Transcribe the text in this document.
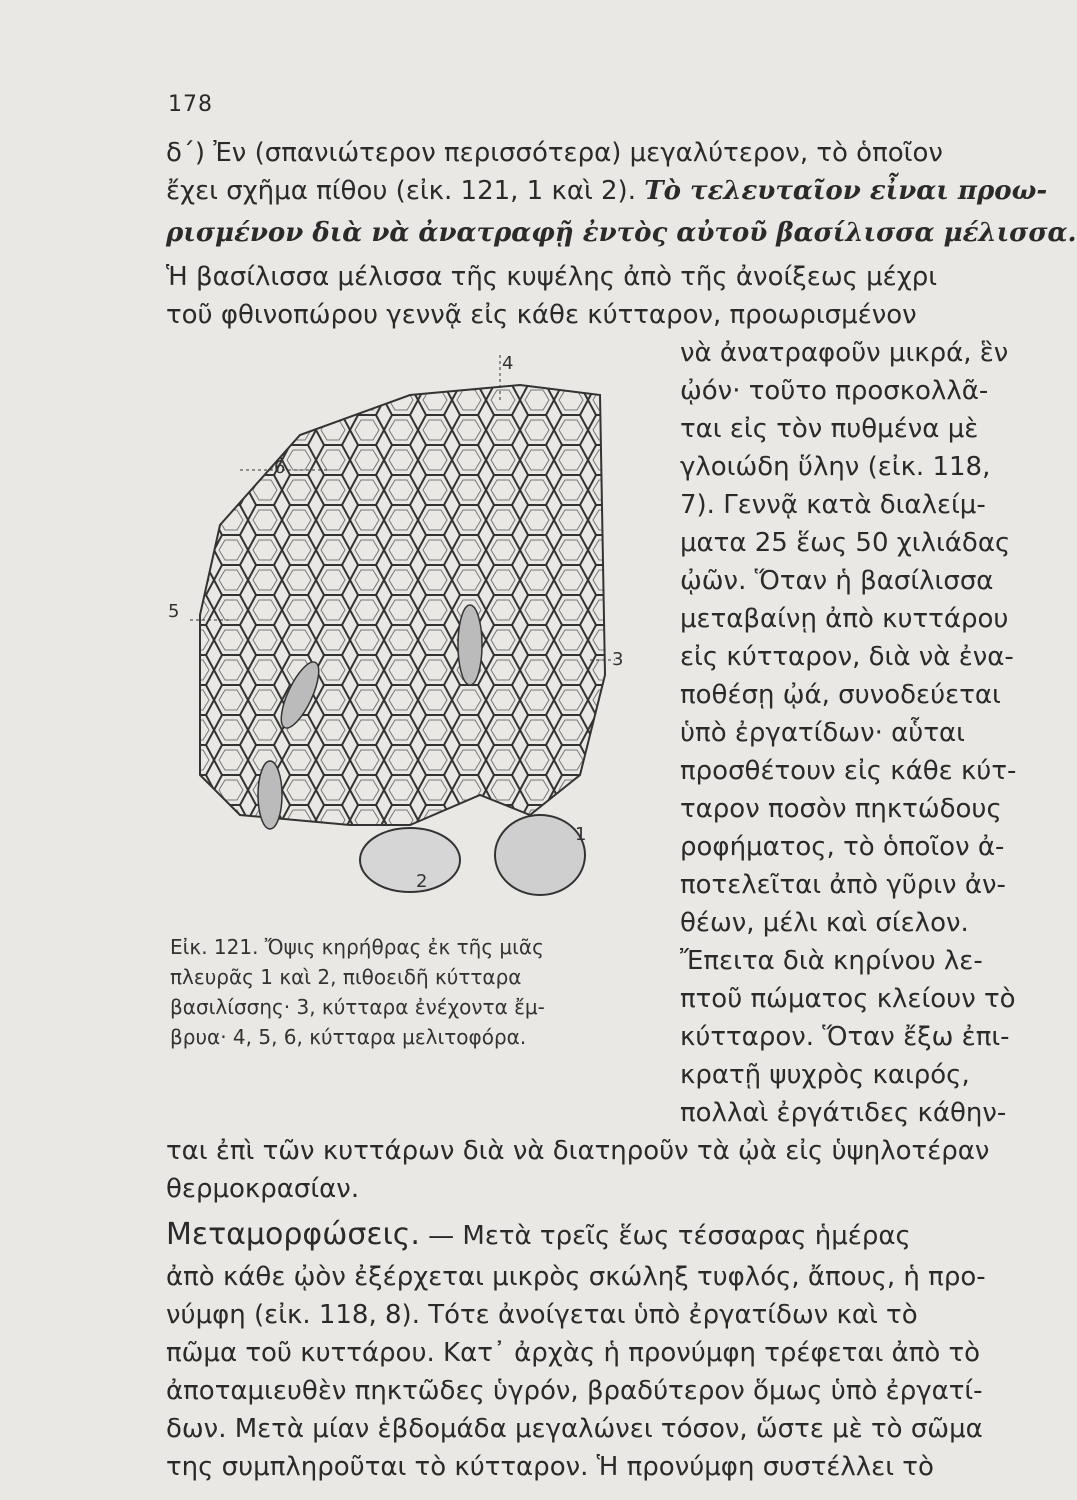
178
δ΄) Ἐν (σπανιώτερον περισσότερα) μεγαλύτερον, τὸ ὁποῖον
ἔχει σχῆμα πίθου (εἰκ. 121, 1 καὶ 2). Τὸ τελευταῖον εἶναι προω-
ρισμένον διὰ νὰ ἀνατραφῇ ἐντὸς αὐτοῦ βασίλισσα μέλισσα.
Ἡ βασίλισσα μέλισσα τῆς κυψέλης ἀπὸ τῆς ἀνοίξεως μέχρι
τοῦ φθινοπώρου γεννᾷ εἰς κάθε κύτταρον, προωρισμένον
1
2
3
4
5
6
νὰ ἀνατραφοῦν μικρά, ἓν
ᾠόν· τοῦτο προσκολλᾶ-
ται εἰς τὸν πυθμένα μὲ
γλοιώδη ὕλην (εἰκ. 118,
7). Γεννᾷ κατὰ διαλείμ-
ματα 25 ἕως 50 χιλιάδας
ᾠῶν. Ὅταν ἡ βασίλισσα
μεταβαίνῃ ἀπὸ κυττάρου
εἰς κύτταρον, διὰ νὰ ἐνα-
ποθέσῃ ᾠά, συνοδεύεται
ὑπὸ ἐργατίδων· αὗται
προσθέτουν εἰς κάθε κύτ-
ταρον ποσὸν πηκτώδους
ροφήματος, τὸ ὁποῖον ἀ-
ποτελεῖται ἀπὸ γῦριν ἀν-
θέων, μέλι καὶ σίελον.
Ἔπειτα διὰ κηρίνου λε-
πτοῦ πώματος κλείουν τὸ
κύτταρον. Ὅταν ἔξω ἐπι-
κρατῇ ψυχρὸς καιρός,
πολλαὶ ἐργάτιδες κάθην-
Εἰκ. 121. Ὄψις κηρήθρας ἐκ τῆς μιᾶς
πλευρᾶς 1 καὶ 2, πιθοειδῆ κύτταρα
βασιλίσσης· 3, κύτταρα ἐνέχοντα ἔμ-
βρυα· 4, 5, 6, κύτταρα μελιτοφόρα.
ται ἐπὶ τῶν κυττάρων διὰ νὰ διατηροῦν τὰ ᾠὰ εἰς ὑψηλοτέραν
θερμοκρασίαν.
Μεταμορφώσεις. — Μετὰ τρεῖς ἕως τέσσαρας ἡμέρας
ἀπὸ κάθε ᾠὸν ἐξέρχεται μικρὸς σκώληξ τυφλός, ἄπους, ἡ προ-
νύμφη (εἰκ. 118, 8). Τότε ἀνοίγεται ὑπὸ ἐργατίδων καὶ τὸ
πῶμα τοῦ κυττάρου. Κατ᾽ ἀρχὰς ἡ προνύμφη τρέφεται ἀπὸ τὸ
ἀποταμιευθὲν πηκτῶδες ὑγρόν, βραδύτερον ὅμως ὑπὸ ἐργατί-
δων. Μετὰ μίαν ἑβδομάδα μεγαλώνει τόσον, ὥστε μὲ τὸ σῶμα
της συμπληροῦται τὸ κύτταρον. Ἡ προνύμφη συστέλλει τὸ
